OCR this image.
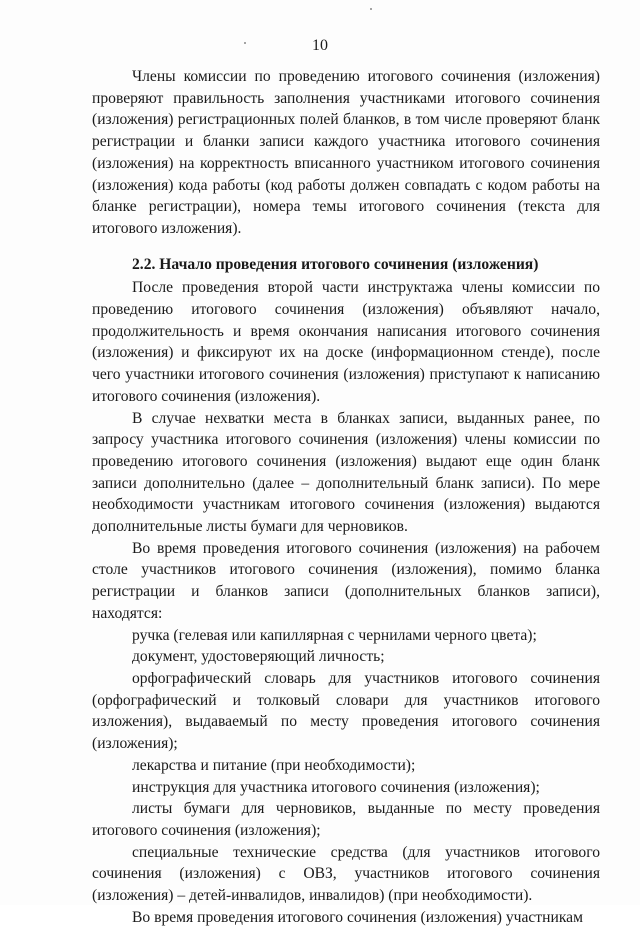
10

Члены комиссии по проведению итогового сочинения (изложения) проверяют правильность заполнения участниками итогового сочинения (изложения) регистрационных полей бланков, в том числе проверяют бланк регистрации и бланки записи каждого участника итогового сочинения (изложения) на корректность вписанного участником итогового сочинения (изложения) кода работы (код работы должен совпадать с кодом работы на бланке регистрации), номера темы итогового сочинения (текста для итогового изложения).

2.2. Начало проведения итогового сочинения (изложения)

После проведения второй части инструктажа члены комиссии по проведению итогового сочинения (изложения) объявляют начало, продолжительность и время окончания написания итогового сочинения (изложения) и фиксируют их на доске (информационном стенде), после чего участники итогового сочинения (изложения) приступают к написанию итогового сочинения (изложения).

В случае нехватки места в бланках записи, выданных ранее, по запросу участника итогового сочинения (изложения) члены комиссии по проведению итогового сочинения (изложения) выдают еще один бланк записи дополнительно (далее – дополнительный бланк записи). По мере необходимости участникам итогового сочинения (изложения) выдаются дополнительные листы бумаги для черновиков.

Во время проведения итогового сочинения (изложения) на рабочем столе участников итогового сочинения (изложения), помимо бланка регистрации и бланков записи (дополнительных бланков записи), находятся:

ручка (гелевая или капиллярная с чернилами черного цвета);

документ, удостоверяющий личность;

орфографический словарь для участников итогового сочинения (орфографический и толковый словари для участников итогового изложения), выдаваемый по месту проведения итогового сочинения (изложения);

лекарства и питание (при необходимости);

инструкция для участника итогового сочинения (изложения);

листы бумаги для черновиков, выданные по месту проведения итогового сочинения (изложения);

специальные технические средства (для участников итогового сочинения (изложения) с ОВЗ, участников итогового сочинения (изложения) – детей-инвалидов, инвалидов) (при необходимости).

Во время проведения итогового сочинения (изложения) участникам
